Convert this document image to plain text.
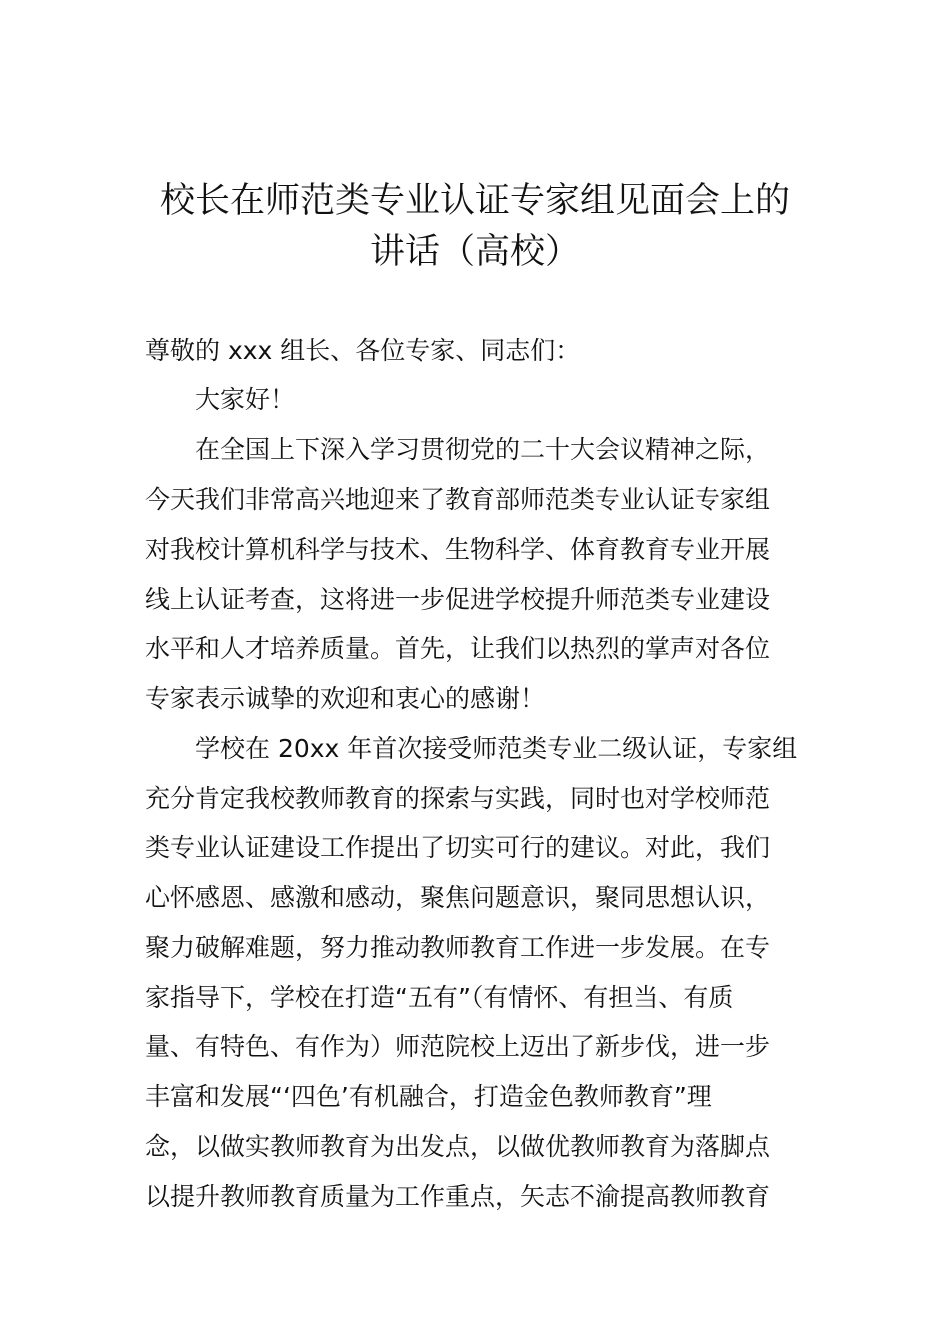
校长在师范类专业认证专家组见面会上的
讲话（高校）

尊敬的 xxx 组长、各位专家、同志们：

大家好！

在全国上下深入学习贯彻党的二十大会议精神之际，

今天我们非常高兴地迎来了教育部师范类专业认证专家组

对我校计算机科学与技术、生物科学、体育教育专业开展

线上认证考查，这将进一步促进学校提升师范类专业建设

水平和人才培养质量。首先，让我们以热烈的掌声对各位

专家表示诚挚的欢迎和衷心的感谢！

学校在 20xx 年首次接受师范类专业二级认证，专家组

充分肯定我校教师教育的探索与实践，同时也对学校师范

类专业认证建设工作提出了切实可行的建议。对此，我们

心怀感恩、感激和感动，聚焦问题意识，聚同思想认识，

聚力破解难题，努力推动教师教育工作进一步发展。在专

家指导下，学校在打造“五有”（有情怀、有担当、有质

量、有特色、有作为）师范院校上迈出了新步伐，进一步

丰富和发展“‘四色’有机融合，打造金色教师教育”理

念，以做实教师教育为出发点，以做优教师教育为落脚点

以提升教师教育质量为工作重点，矢志不渝提高教师教育
